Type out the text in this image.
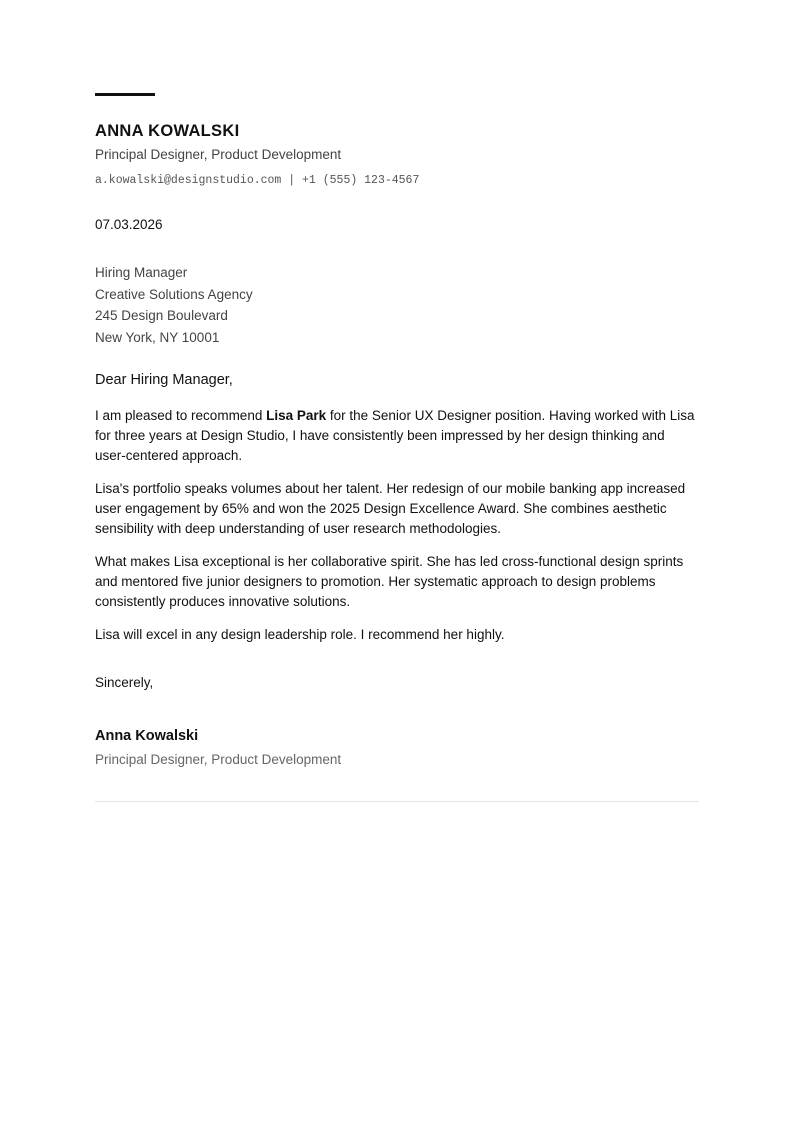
ANNA KOWALSKI
Principal Designer, Product Development
a.kowalski@designstudio.com | +1 (555) 123-4567
07.03.2026
Hiring Manager
Creative Solutions Agency
245 Design Boulevard
New York, NY 10001
Dear Hiring Manager,

I am pleased to recommend Lisa Park for the Senior UX Designer position. Having worked with Lisa for three years at Design Studio, I have consistently been impressed by her design thinking and user-centered approach.

Lisa's portfolio speaks volumes about her talent. Her redesign of our mobile banking app increased user engagement by 65% and won the 2025 Design Excellence Award. She combines aesthetic sensibility with deep understanding of user research methodologies.

What makes Lisa exceptional is her collaborative spirit. She has led cross-functional design sprints and mentored five junior designers to promotion. Her systematic approach to design problems consistently produces innovative solutions.

Lisa will excel in any design leadership role. I recommend her highly.

Sincerely,
Anna Kowalski
Principal Designer, Product Development
